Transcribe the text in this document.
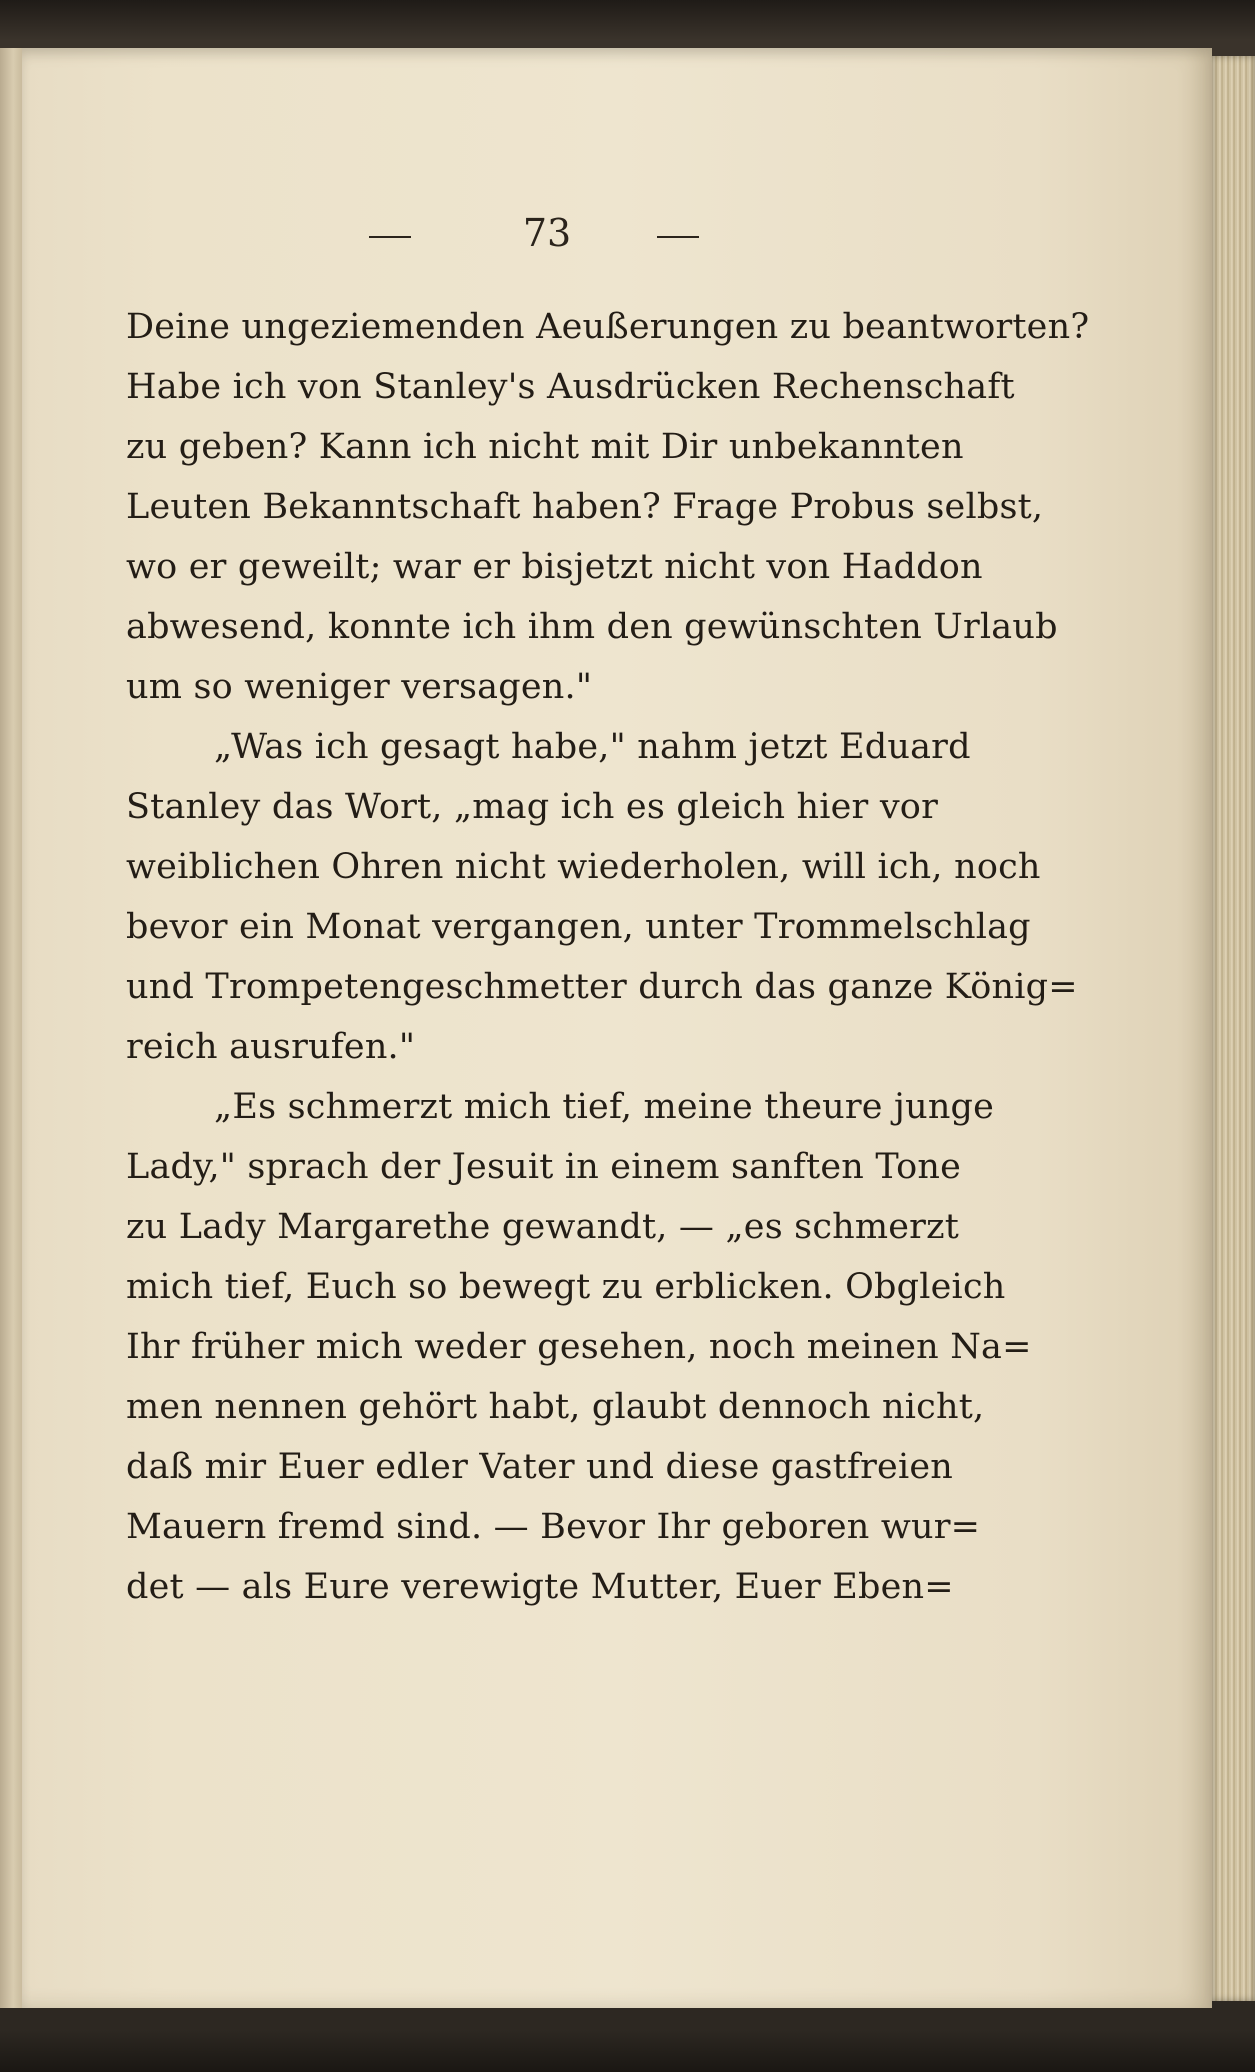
73
Deine ungeziemenden Aeußerungen zu beantworten?
Habe ich von Stanley's Ausdrücken Rechenschaft
zu geben? Kann ich nicht mit Dir unbekannten
Leuten Bekanntschaft haben? Frage Probus selbst,
wo er geweilt; war er bisjetzt nicht von Haddon
abwesend, konnte ich ihm den gewünschten Urlaub
um so weniger versagen."
„Was ich gesagt habe," nahm jetzt Eduard
Stanley das Wort, „mag ich es gleich hier vor
weiblichen Ohren nicht wiederholen, will ich, noch
bevor ein Monat vergangen, unter Trommelschlag
und Trompetengeschmetter durch das ganze König=
reich ausrufen."
„Es schmerzt mich tief, meine theure junge
Lady," sprach der Jesuit in einem sanften Tone
zu Lady Margarethe gewandt, — „es schmerzt
mich tief, Euch so bewegt zu erblicken. Obgleich
Ihr früher mich weder gesehen, noch meinen Na=
men nennen gehört habt, glaubt dennoch nicht,
daß mir Euer edler Vater und diese gastfreien
Mauern fremd sind. — Bevor Ihr geboren wur=
det — als Eure verewigte Mutter, Euer Eben=
